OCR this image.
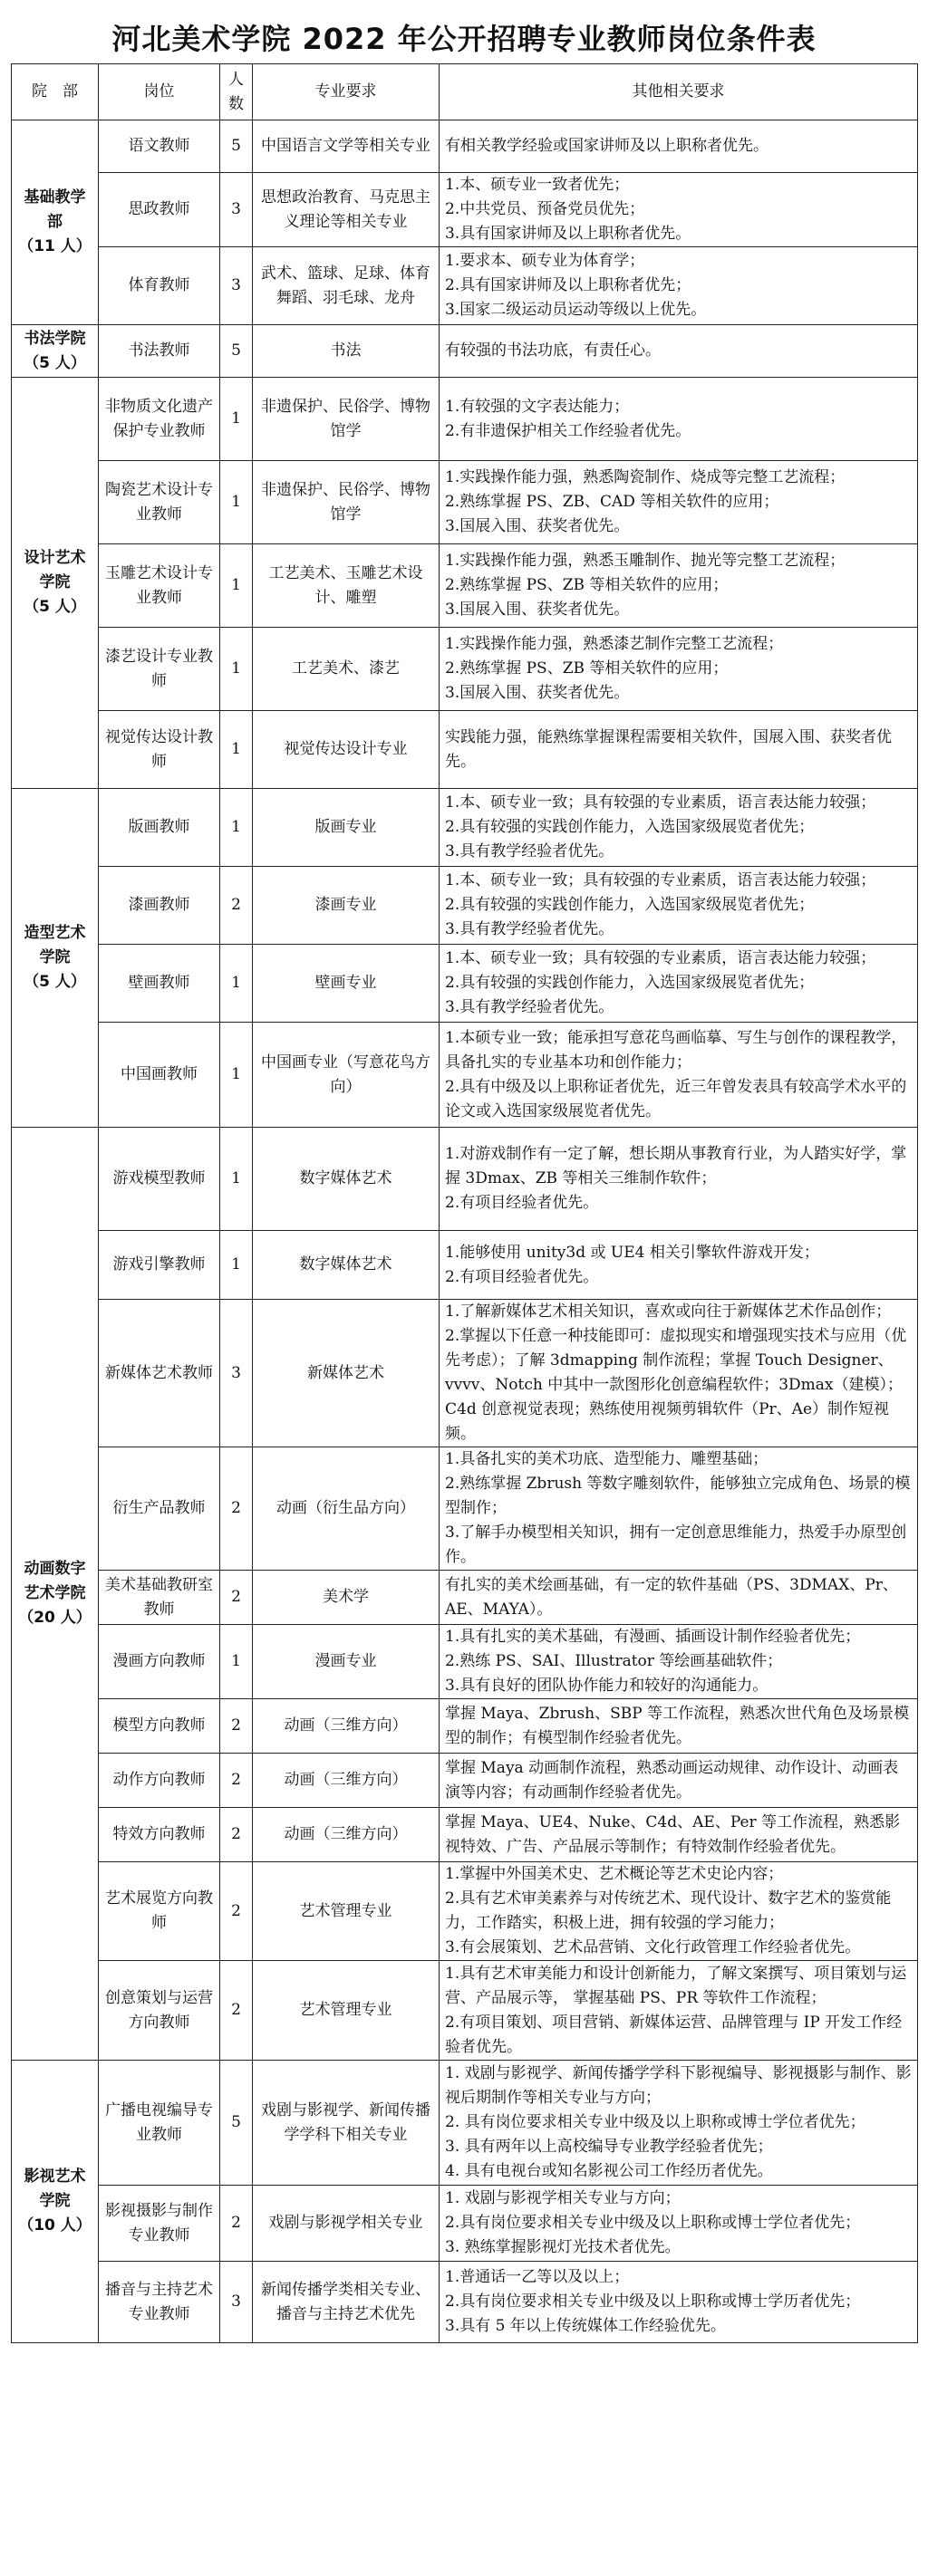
河北美术学院 2022 年公开招聘专业教师岗位条件表
院　部	岗位	人数	专业要求	其他相关要求

基础教学部
（11 人）	语文教师	5	中国语言文学等相关专业	有相关教学经验或国家讲师及以上职称者优先。

	思政教师	3	思想政治教育、马克思主义理论等相关专业	1.本、硕专业一致者优先；
2.中共党员、预备党员优先；
3.具有国家讲师及以上职称者优先。

	体育教师	3	武术、篮球、足球、体育舞蹈、羽毛球、龙舟	1.要求本、硕专业为体育学；
2.具有国家讲师及以上职称者优先；
3.国家二级运动员运动等级以上优先。

书法学院
（5 人）	书法教师	5	书法	有较强的书法功底，有责任心。

设计艺术学院
（5 人）	非物质文化遗产保护专业教师	1	非遗保护、民俗学、博物馆学	1.有较强的文字表达能力；
2.有非遗保护相关工作经验者优先。

	陶瓷艺术设计专业教师	1	非遗保护、民俗学、博物馆学	1.实践操作能力强，熟悉陶瓷制作、烧成等完整工艺流程；
2.熟练掌握 PS、ZB、CAD 等相关软件的应用；
3.国展入围、获奖者优先。

	玉雕艺术设计专业教师	1	工艺美术、玉雕艺术设计、雕塑	1.实践操作能力强，熟悉玉雕制作、抛光等完整工艺流程；
2.熟练掌握 PS、ZB 等相关软件的应用；
3.国展入围、获奖者优先。

	漆艺设计专业教师	1	工艺美术、漆艺	1.实践操作能力强，熟悉漆艺制作完整工艺流程；
2.熟练掌握 PS、ZB 等相关软件的应用；
3.国展入围、获奖者优先。

	视觉传达设计教师	1	视觉传达设计专业	实践能力强，能熟练掌握课程需要相关软件，国展入围、获奖者优先。

造型艺术学院
（5 人）	版画教师	1	版画专业	1.本、硕专业一致；具有较强的专业素质，语言表达能力较强；
2.具有较强的实践创作能力，入选国家级展览者优先；
3.具有教学经验者优先。

	漆画教师	2	漆画专业	1.本、硕专业一致；具有较强的专业素质，语言表达能力较强；
2.具有较强的实践创作能力，入选国家级展览者优先；
3.具有教学经验者优先。

	壁画教师	1	壁画专业	1.本、硕专业一致；具有较强的专业素质，语言表达能力较强；
2.具有较强的实践创作能力，入选国家级展览者优先；
3.具有教学经验者优先。

	中国画教师	1	中国画专业（写意花鸟方向）	1.本硕专业一致；能承担写意花鸟画临摹、写生与创作的课程教学，具备扎实的专业基本功和创作能力；
2.具有中级及以上职称证者优先，近三年曾发表具有较高学术水平的论文或入选国家级展览者优先。

动画数字艺术学院
（20 人）	游戏模型教师	1	数字媒体艺术	1.对游戏制作有一定了解，想长期从事教育行业，为人踏实好学，掌握 3Dmax、ZB 等相关三维制作软件；
2.有项目经验者优先。

	游戏引擎教师	1	数字媒体艺术	1.能够使用 unity3d 或 UE4 相关引擎软件游戏开发；
2.有项目经验者优先。

	新媒体艺术教师	3	新媒体艺术	1.了解新媒体艺术相关知识，喜欢或向往于新媒体艺术作品创作；
2.掌握以下任意一种技能即可：虚拟现实和增强现实技术与应用（优先考虑）；了解 3dmapping 制作流程；掌握 Touch Designer、vvvv、Notch 中其中一款图形化创意编程软件；3Dmax（建模）；C4d 创意视觉表现；熟练使用视频剪辑软件（Pr、Ae）制作短视频。

	衍生产品教师	2	动画（衍生品方向）	1.具备扎实的美术功底、造型能力、雕塑基础；
2.熟练掌握 Zbrush 等数字雕刻软件，能够独立完成角色、场景的模型制作；
3.了解手办模型相关知识，拥有一定创意思维能力，热爱手办原型创作。

	美术基础教研室教师	2	美术学	有扎实的美术绘画基础，有一定的软件基础（PS、3DMAX、Pr、AE、MAYA）。

	漫画方向教师	1	漫画专业	1.具有扎实的美术基础，有漫画、插画设计制作经验者优先；
2.熟练 PS、SAI、Illustrator 等绘画基础软件；
3.具有良好的团队协作能力和较好的沟通能力。

	模型方向教师	2	动画（三维方向）	掌握 Maya、Zbrush、SBP 等工作流程，熟悉次世代角色及场景模型的制作；有模型制作经验者优先。

	动作方向教师	2	动画（三维方向）	掌握 Maya 动画制作流程，熟悉动画运动规律、动作设计、动画表演等内容；有动画制作经验者优先。

	特效方向教师	2	动画（三维方向）	掌握 Maya、UE4、Nuke、C4d、AE、Per 等工作流程，熟悉影视特效、广告、产品展示等制作；有特效制作经验者优先。

	艺术展览方向教师	2	艺术管理专业	1.掌握中外国美术史、艺术概论等艺术史论内容；
2.具有艺术审美素养与对传统艺术、现代设计、数字艺术的鉴赏能力，工作踏实，积极上进，拥有较强的学习能力；
3.有会展策划、艺术品营销、文化行政管理工作经验者优先。

	创意策划与运营方向教师	2	艺术管理专业	1.具有艺术审美能力和设计创新能力，了解文案撰写、项目策划与运营、产品展示等， 掌握基础 PS、PR 等软件工作流程；
2.有项目策划、项目营销、新媒体运营、品牌管理与 IP 开发工作经验者优先。

影视艺术学院
（10 人）	广播电视编导专业教师	5	戏剧与影视学、新闻传播学学科下相关专业	1. 戏剧与影视学、新闻传播学学科下影视编导、影视摄影与制作、影视后期制作等相关专业与方向；
2. 具有岗位要求相关专业中级及以上职称或博士学位者优先；
3. 具有两年以上高校编导专业教学经验者优先；
4. 具有电视台或知名影视公司工作经历者优先。

	影视摄影与制作专业教师	2	戏剧与影视学相关专业	1. 戏剧与影视学相关专业与方向；
2.具有岗位要求相关专业中级及以上职称或博士学位者优先；
3. 熟练掌握影视灯光技术者优先。

	播音与主持艺术专业教师	3	新闻传播学类相关专业、播音与主持艺术优先	1.普通话一乙等以及以上；
2.具有岗位要求相关专业中级及以上职称或博士学历者优先；
3.具有 5 年以上传统媒体工作经验优先。
